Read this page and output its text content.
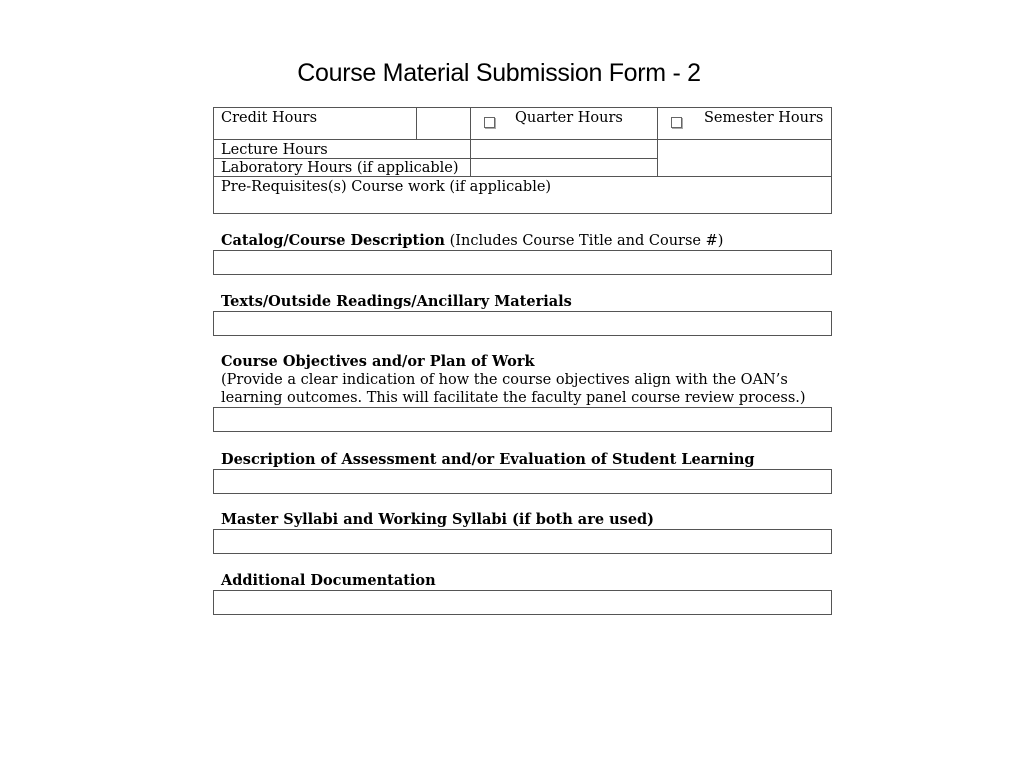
Course Material Submission Form - 2
Credit Hours	Quarter Hours	Semester Hours
Lecture Hours
Laboratory Hours (if applicable)
Pre-Requisites(s) Course work (if applicable)
Catalog/Course Description (Includes Course Title and Course #)
Texts/Outside Readings/Ancillary Materials
Course Objectives and/or Plan of Work
(Provide a clear indication of how the course objectives align with the OAN’s
learning outcomes. This will facilitate the faculty panel course review process.)
Description of Assessment and/or Evaluation of Student Learning
Master Syllabi and Working Syllabi (if both are used)
Additional Documentation
